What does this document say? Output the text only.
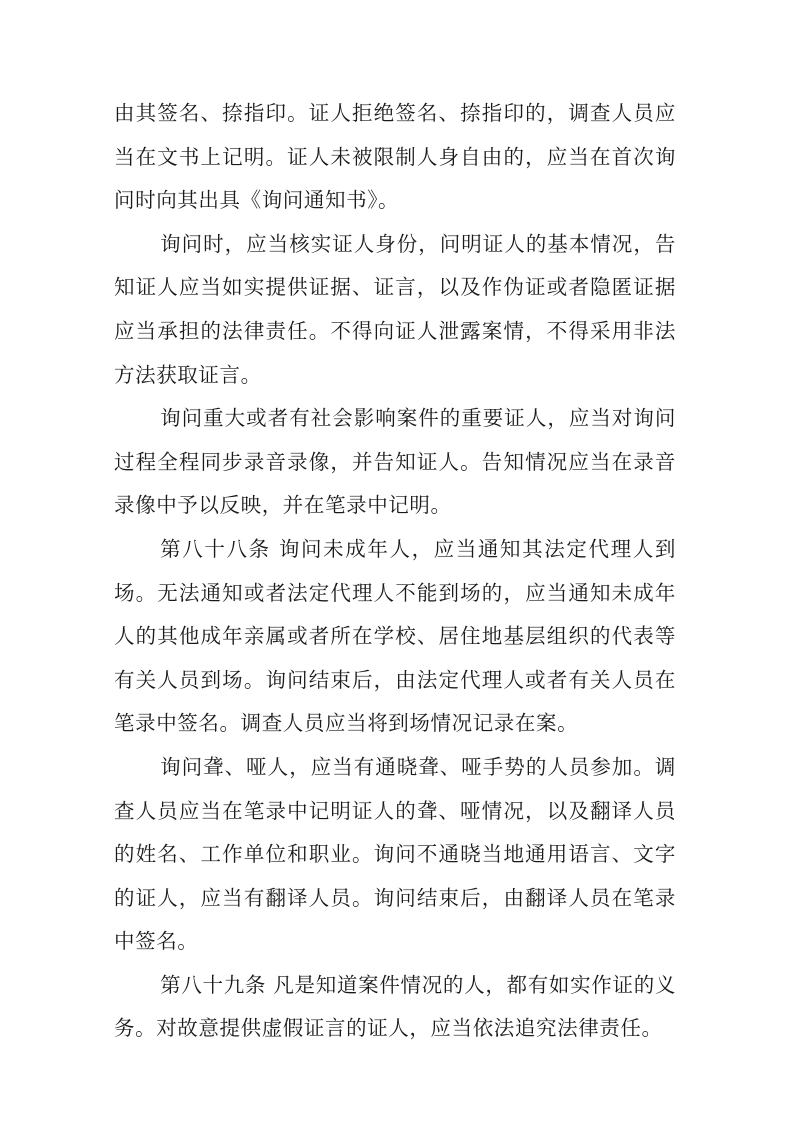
由其签名、捺指印。证人拒绝签名、捺指印的，调查人员应当在文书上记明。证人未被限制人身自由的，应当在首次询问时向其出具《询问通知书》。

询问时，应当核实证人身份，问明证人的基本情况，告知证人应当如实提供证据、证言，以及作伪证或者隐匿证据应当承担的法律责任。不得向证人泄露案情，不得采用非法方法获取证言。

询问重大或者有社会影响案件的重要证人，应当对询问过程全程同步录音录像，并告知证人。告知情况应当在录音录像中予以反映，并在笔录中记明。

第八十八条 询问未成年人，应当通知其法定代理人到场。无法通知或者法定代理人不能到场的，应当通知未成年人的其他成年亲属或者所在学校、居住地基层组织的代表等有关人员到场。询问结束后，由法定代理人或者有关人员在笔录中签名。调查人员应当将到场情况记录在案。

询问聋、哑人，应当有通晓聋、哑手势的人员参加。调查人员应当在笔录中记明证人的聋、哑情况，以及翻译人员的姓名、工作单位和职业。询问不通晓当地通用语言、文字的证人，应当有翻译人员。询问结束后，由翻译人员在笔录中签名。

第八十九条 凡是知道案件情况的人，都有如实作证的义务。对故意提供虚假证言的证人，应当依法追究法律责任。
